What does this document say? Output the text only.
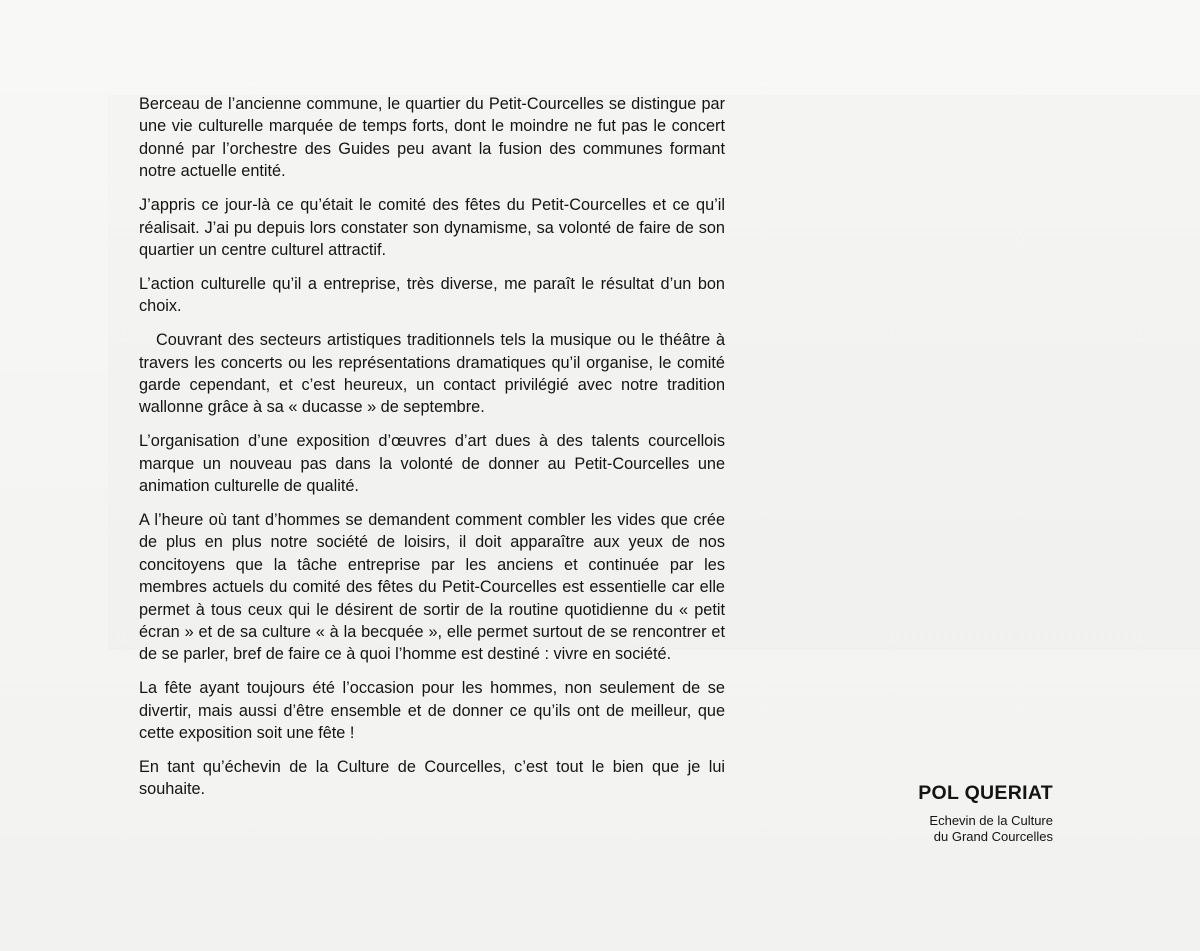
Berceau de l’ancienne commune, le quartier du Petit-Courcelles se distingue par une vie culturelle marquée de temps forts, dont le moindre ne fut pas le concert donné par l’orchestre des Guides peu avant la fusion des communes formant notre actuelle entité.

J’appris ce jour-là ce qu’était le comité des fêtes du Petit-Courcelles et ce qu’il réalisait. J’ai pu depuis lors constater son dynamisme, sa volonté de faire de son quartier un centre culturel attractif.

L’action culturelle qu’il a entreprise, très diverse, me paraît le résultat d’un bon choix.

Couvrant des secteurs artistiques traditionnels tels la musique ou le théâtre à travers les concerts ou les représentations dramatiques qu’il organise, le comité garde cependant, et c’est heureux, un contact privilégié avec notre tradition wallonne grâce à sa « ducasse » de septembre.

L’organisation d’une exposition d’œuvres d’art dues à des talents courcellois marque un nouveau pas dans la volonté de donner au Petit-Courcelles une animation culturelle de qualité.

A l’heure où tant d’hommes se demandent comment combler les vides que crée de plus en plus notre société de loisirs, il doit apparaître aux yeux de nos concitoyens que la tâche entreprise par les anciens et continuée par les membres actuels du comité des fêtes du Petit-Courcelles est essentielle car elle permet à tous ceux qui le désirent de sortir de la routine quotidienne du « petit écran » et de sa culture « à la becquée », elle permet surtout de se rencontrer et de se parler, bref de faire ce à quoi l’homme est destiné : vivre en société.

La fête ayant toujours été l’occasion pour les hommes, non seulement de se divertir, mais aussi d’être ensemble et de donner ce qu’ils ont de meilleur, que cette exposition soit une fête !

En tant qu’échevin de la Culture de Courcelles, c’est tout le bien que je lui souhaite.	POL QUERIAT
Echevin de la Culture
du Grand Courcelles
